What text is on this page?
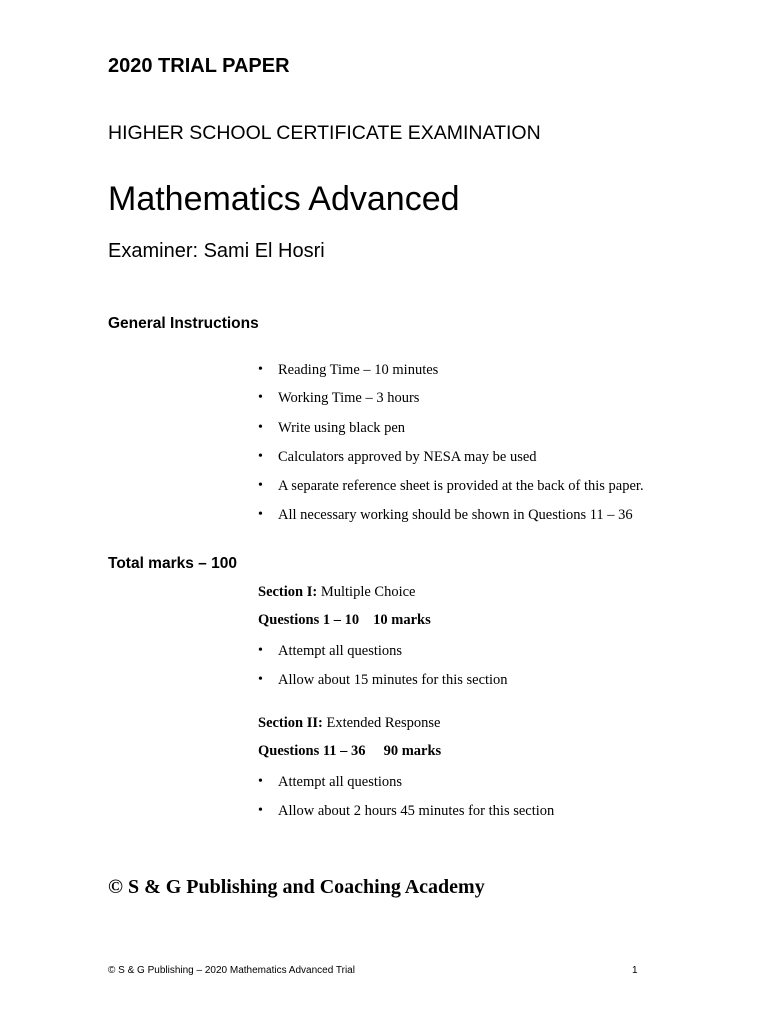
2020 TRIAL PAPER
HIGHER SCHOOL CERTIFICATE EXAMINATION
Mathematics Advanced
Examiner: Sami El Hosri
General Instructions
• Reading Time – 10 minutes
• Working Time – 3 hours
• Write using black pen
• Calculators approved by NESA may be used
• A separate reference sheet is provided at the back of this paper.
• All necessary working should be shown in Questions 11 – 36
Total marks – 100
Section I: Multiple Choice
Questions 1 – 10 10 marks
• Attempt all questions
• Allow about 15 minutes for this section
Section II: Extended Response
Questions 11 – 36 90 marks
• Attempt all questions
• Allow about 2 hours 45 minutes for this section
© S & G Publishing and Coaching Academy
© S & G Publishing – 2020 Mathematics Advanced Trial	1
